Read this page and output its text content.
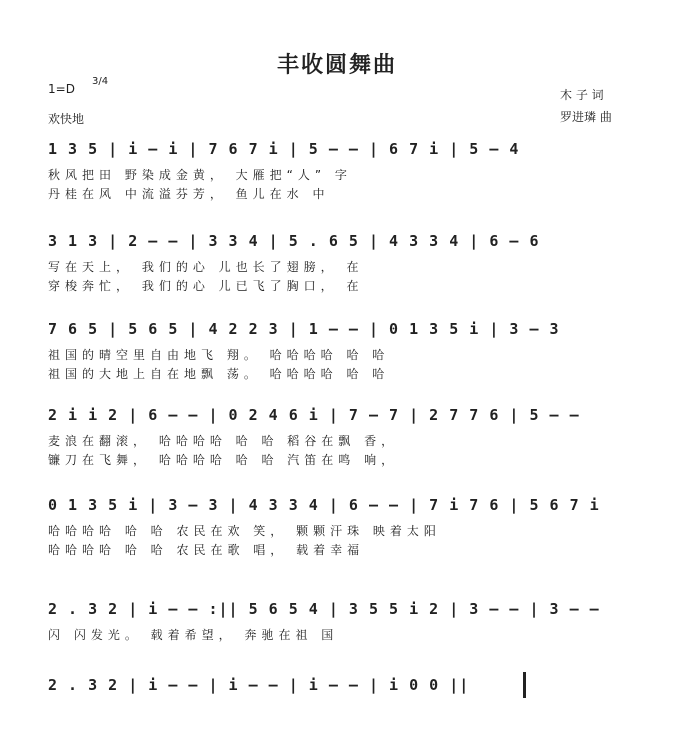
丰收圆舞曲
1=D
3/4
欢快地
木 子 词
罗进璘 曲
1 3 5 | i – i | 7 6 7 i | 5 – – | 6 7 i | 5 – 4
秋风把田 野染成金黄， 大雁把“人” 字
丹桂在风 中流溢芬芳， 鱼儿在水 中
3 1 3 | 2 – – | 3 3 4 | 5 . 6 5 | 4 3 3 4 | 6 – 6
写在天上， 我们的心 儿也长了翅膀， 在
穿梭奔忙， 我们的心 儿已飞了胸口， 在
7 6 5 | 5 6 5 | 4 2 2 3 | 1 – – | 0 1 3 5 i | 3 – 3
祖国的晴空里自由地飞 翔。 哈哈哈哈 哈 哈
祖国的大地上自在地飘 荡。 哈哈哈哈 哈 哈
2 i i 2 | 6 – – | 0 2 4 6 i | 7 – 7 | 2 7 7 6 | 5 – –
麦浪在翻滚， 哈哈哈哈 哈 哈 稻谷在飘 香，
镰刀在飞舞， 哈哈哈哈 哈 哈 汽笛在鸣 响，
0 1 3 5 i | 3 – 3 | 4 3 3 4 | 6 – – | 7 i 7 6 | 5 6 7 i
哈哈哈哈 哈 哈 农民在欢 笑， 颗颗汗珠 映着太阳
哈哈哈哈 哈 哈 农民在歌 唱， 载着幸福
2 . 3 2 | i – – :|| 5 6 5 4 | 3 5 5 i 2 | 3 – – | 3 – –
闪 闪发光。 载着希望， 奔驰在祖 国
2 . 3 2 | i – – | i – – | i – – | i 0 0 ||
